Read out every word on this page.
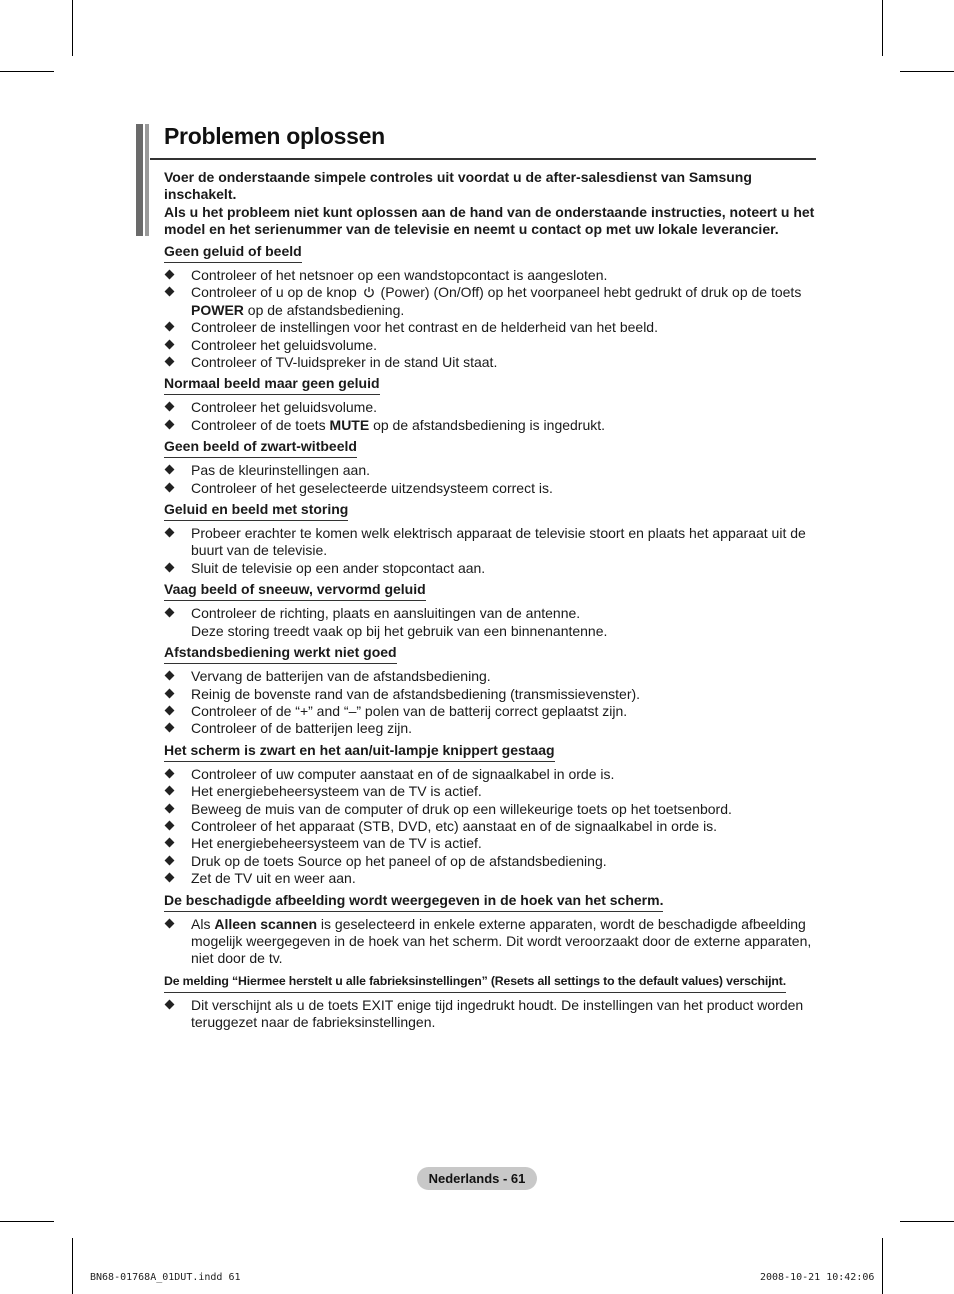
Problemen oplossen

Voer de onderstaande simpele controles uit voordat u de after-salesdienst van Samsung inschakelt.

Als u het probleem niet kunt oplossen aan de hand van de onderstaande instructies, noteert u het model en het serienummer van de televisie en neemt u contact op met uw lokale leverancier.

Geen geluid of beeld
Controleer of het netsnoer op een wandstopcontact is aangesloten.
Controleer of u op de knop  (Power) (On/Off) op het voorpaneel hebt gedrukt of druk op de toets POWER op de afstandsbediening.
Controleer de instellingen voor het contrast en de helderheid van het beeld.
Controleer het geluidsvolume.
Controleer of TV-luidspreker in de stand Uit staat.
Normaal beeld maar geen geluid
Controleer het geluidsvolume.
Controleer of de toets MUTE op de afstandsbediening is ingedrukt.
Geen beeld of zwart-witbeeld
Pas de kleurinstellingen aan.
Controleer of het geselecteerde uitzendsysteem correct is.
Geluid en beeld met storing
Probeer erachter te komen welk elektrisch apparaat de televisie stoort en plaats het apparaat uit de buurt van de televisie.
Sluit de televisie op een ander stopcontact aan.
Vaag beeld of sneeuw, vervormd geluid
Controleer de richting, plaats en aansluitingen van de antenne.
Deze storing treedt vaak op bij het gebruik van een binnenantenne.
Afstandsbediening werkt niet goed
Vervang de batterijen van de afstandsbediening.
Reinig de bovenste rand van de afstandsbediening (transmissievenster).
Controleer of de “+” and “–” polen van de batterij correct geplaatst zijn.
Controleer of de batterijen leeg zijn.
Het scherm is zwart en het aan/uit-lampje knippert gestaag
Controleer of uw computer aanstaat en of de signaalkabel in orde is.
Het energiebeheersysteem van de TV is actief.
Beweeg de muis van de computer of druk op een willekeurige toets op het toetsenbord.
Controleer of het apparaat (STB, DVD, etc) aanstaat en of de signaalkabel in orde is.
Het energiebeheersysteem van de TV is actief.
Druk op de toets Source op het paneel of op de afstandsbediening.
Zet de TV uit en weer aan.
De beschadigde afbeelding wordt weergegeven in de hoek van het scherm.
Als Alleen scannen is geselecteerd in enkele externe apparaten, wordt de beschadigde afbeelding mogelijk weergegeven in de hoek van het scherm. Dit wordt veroorzaakt door de externe apparaten, niet door de tv.
De melding “Hiermee herstelt u alle fabrieksinstellingen” (Resets all settings to the default values) verschijnt.
Dit verschijnt als u de toets EXIT enige tijd ingedrukt houdt. De instellingen van het product worden teruggezet naar de fabrieksinstellingen.
Nederlands - 61
BN68-01768A_01DUT.indd 61	2008-10-21 10:42:06
